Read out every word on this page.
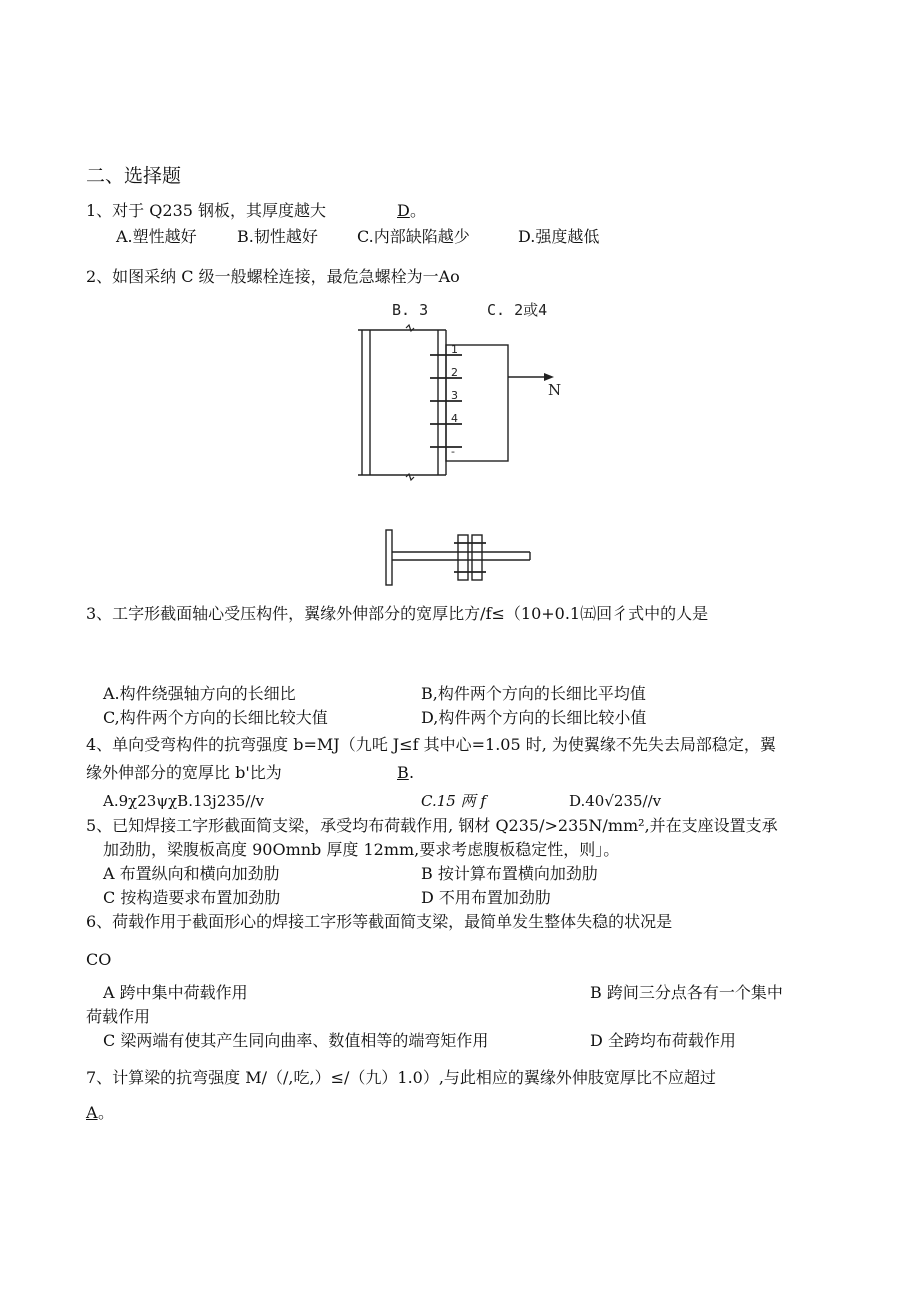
二、选择题
1、对于 Q235 钢板，其厚度越大	D 。
A.塑性越好	B.韧性越好 C.内部缺陷越少	D.强度越低
2、如图采纳 C 级一般螺栓连接，最危急螺栓为一Ao
B. 3	C. 2或4
1
2
3
4
-
N
3、工字形截面轴心受压构件，翼缘外伸部分的宽厚比方/f≤（10+0.1㈤回彳式中的人是
A.构件绕强轴方向的长细比	B,构件两个方向的长细比平均值
C,构件两个方向的长细比较大值	D,构件两个方向的长细比较小值
4、单向受弯构件的抗弯强度 b=MJ（九吒 J≤f 其中心=1.05 时, 为使翼缘不先失去局部稳定，翼
缘外伸部分的宽厚比 b'比为	B .
A.9χ23ψχB.13j235∕∕v	C.15 两 f	D.40√235∕∕v
5、已知焊接工字形截面简支梁，承受均布荷载作用, 钢材 Q235∕>235N∕mm²,并在支座设置支承
加劲肋，梁腹板高度 90Omnb 厚度 12mm,要求考虑腹板稳定性，则」。
A 布置纵向和横向加劲肋	B 按计算布置横向加劲肋
C 按构造要求布置加劲肋	D 不用布置加劲肋
6、荷载作用于截面形心的焊接工字形等截面简支梁，最简单发生整体失稳的状况是
CO
A 跨中集中荷载作用	B 跨间三分点各有一个集中
荷载作用
C 梁两端有使其产生同向曲率、数值相等的端弯矩作用	D 全跨均布荷载作用
7、计算梁的抗弯强度 M∕（∕,吃,）≤∕（九）1.0）,与此相应的翼缘外伸肢宽厚比不应超过
A 。
